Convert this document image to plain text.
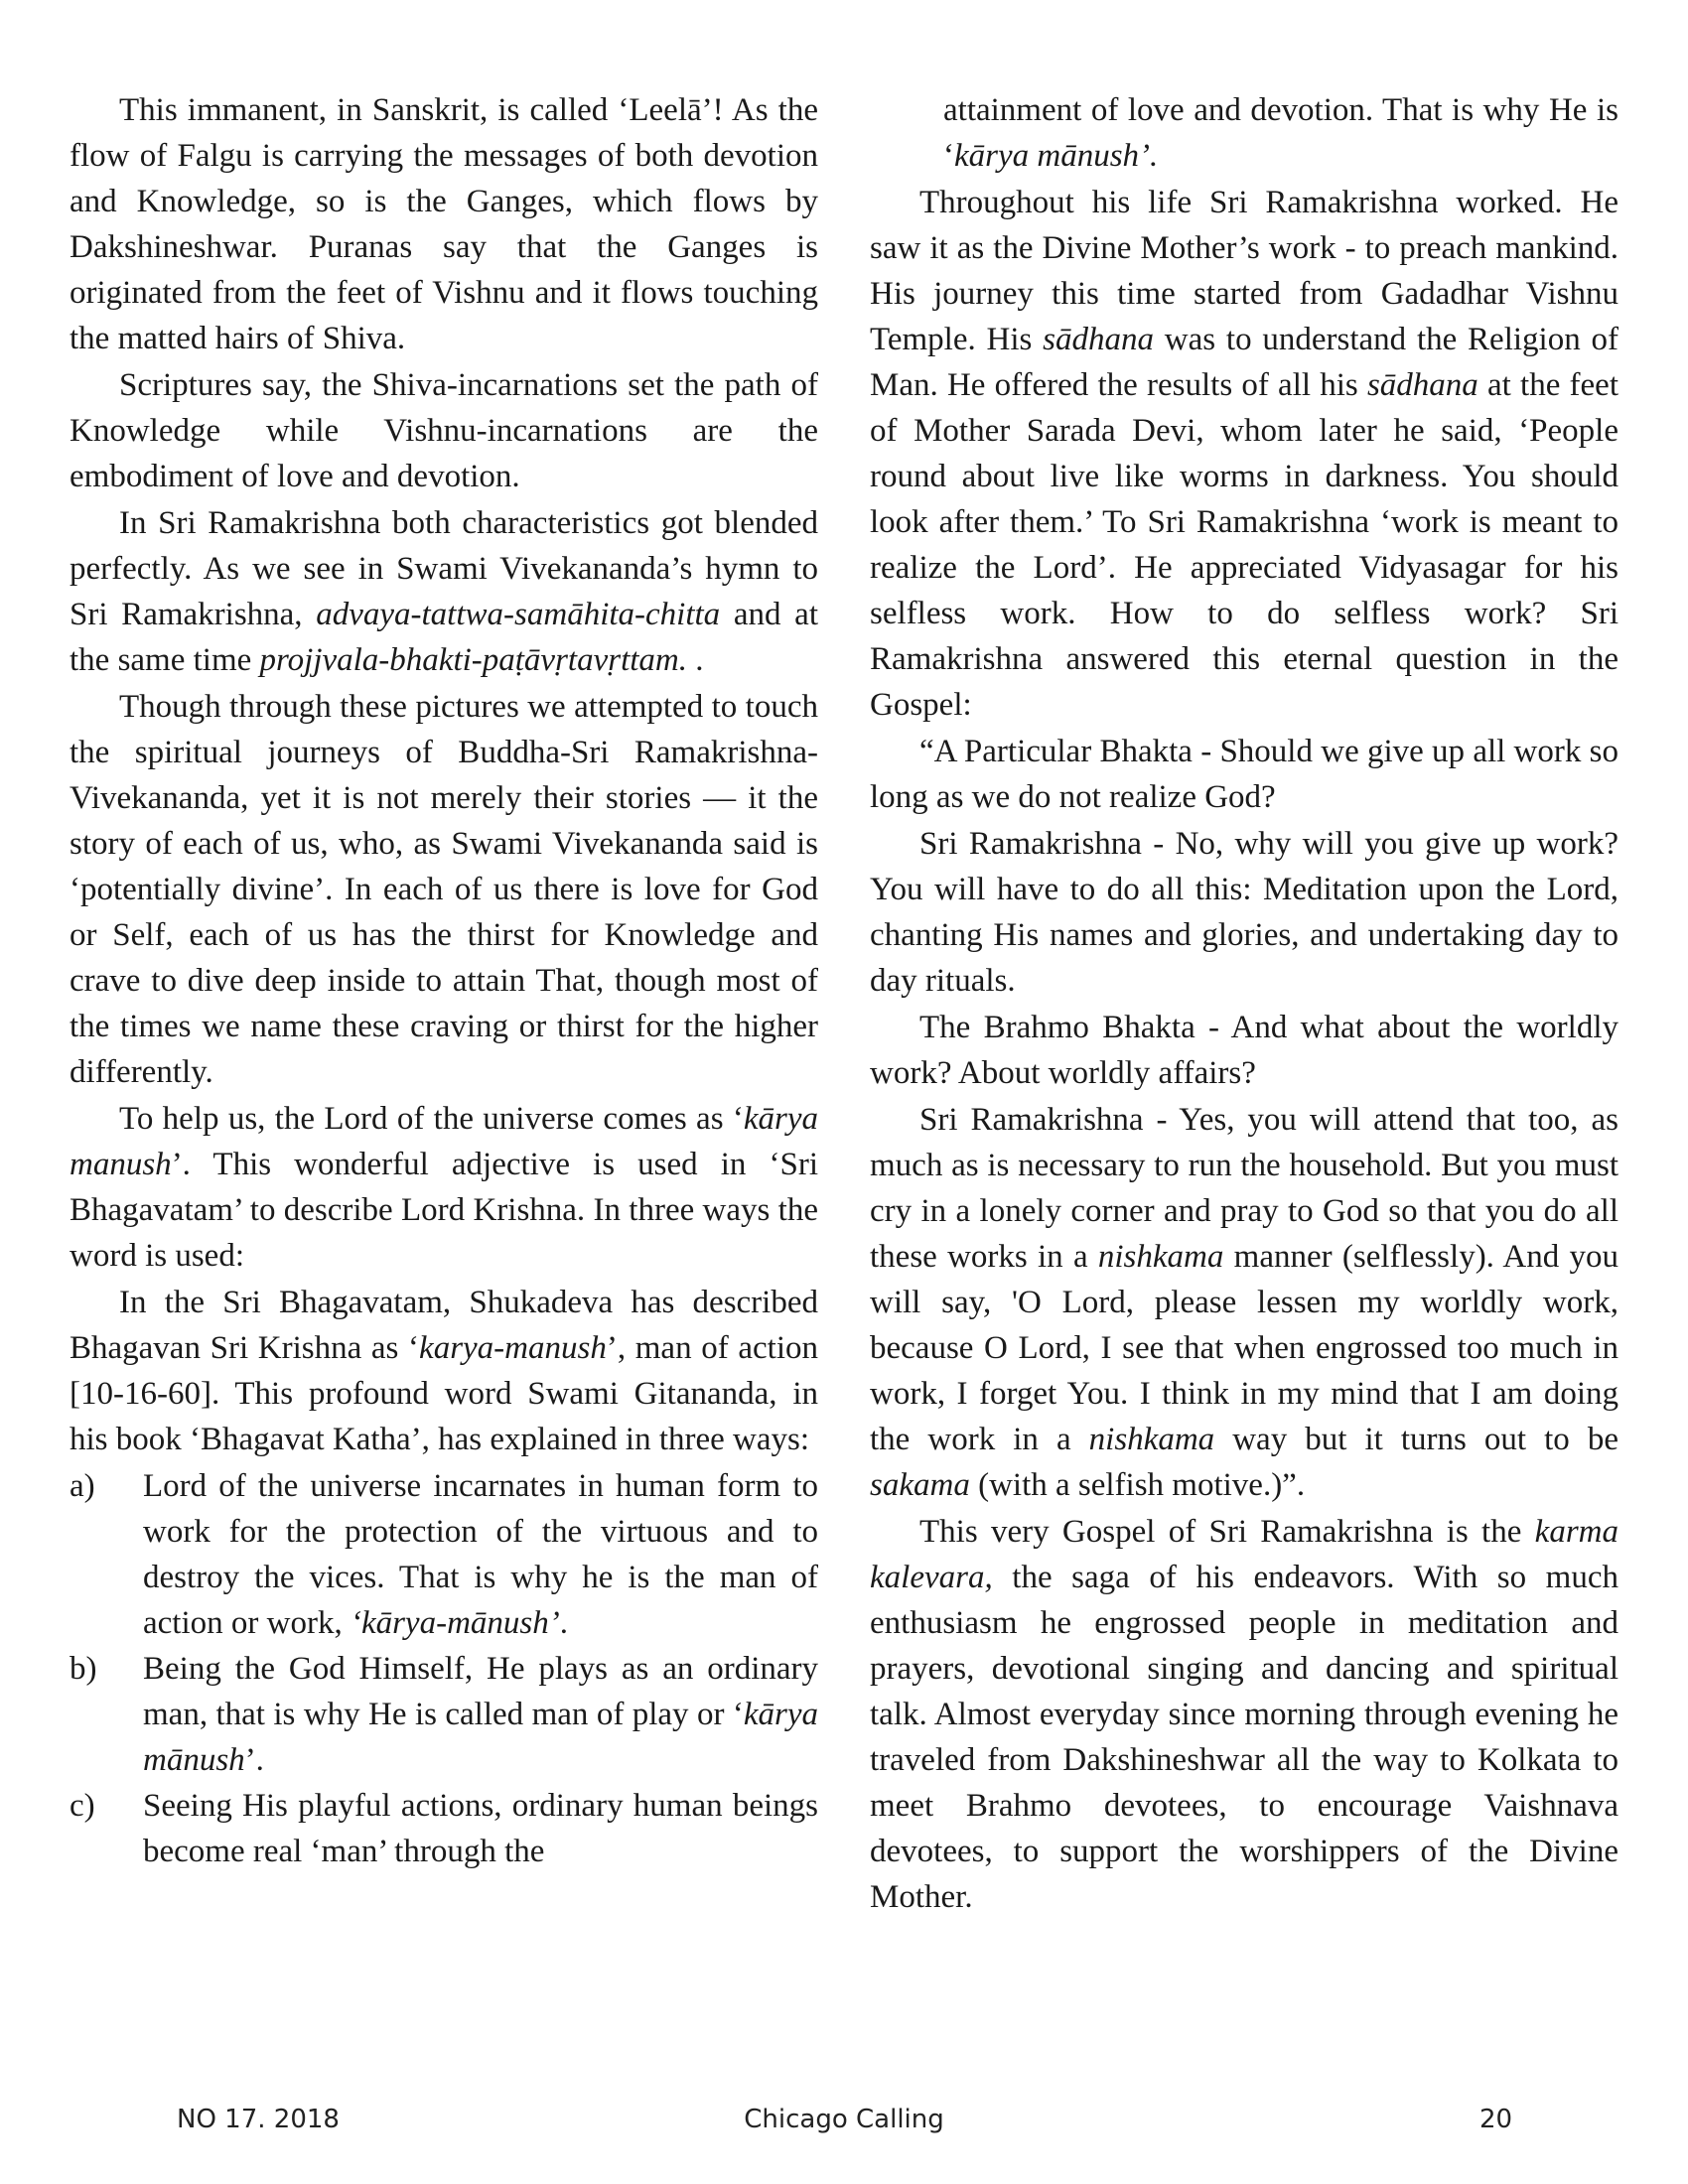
This immanent, in Sanskrit, is called ‘Leelā’! As the flow of Falgu is carrying the messages of both devotion and Knowledge, so is the Ganges, which flows by Dakshineshwar. Puranas say that the Ganges is originated from the feet of Vishnu and it flows touching the matted hairs of Shiva.

Scriptures say, the Shiva-incarnations set the path of Knowledge while Vishnu-incarnations are the embodiment of love and devotion.

In Sri Ramakrishna both characteristics got blended perfectly. As we see in Swami Vivekananda’s hymn to Sri Ramakrishna, advaya-tattwa-samāhita-chitta and at the same time projjvala-bhakti-paṭāvṛtavṛttam. .

Though through these pictures we attempted to touch the spiritual journeys of Buddha-Sri Ramakrishna-Vivekananda, yet it is not merely their stories — it the story of each of us, who, as Swami Vivekananda said is ‘potentially divine’. In each of us there is love for God or Self, each of us has the thirst for Knowledge and crave to dive deep inside to attain That, though most of the times we name these craving or thirst for the higher differently.

To help us, the Lord of the universe comes as ‘kārya manush’. This wonderful adjective is used in ‘Sri Bhagavatam’ to describe Lord Krishna. In three ways the word is used:

In the Sri Bhagavatam, Shukadeva has described Bhagavan Sri Krishna as ‘karya-manush’, man of action [10-16-60]. This profound word Swami Gitananda, in his book ‘Bhagavat Katha’, has explained in three ways:

a) Lord of the universe incarnates in human form to work for the protection of the virtuous and to destroy the vices. That is why he is the man of action or work, ‘kārya-mānush’.
b) Being the God Himself, He plays as an ordinary man, that is why He is called man of play or ‘kārya mānush’.
c) Seeing His playful actions, ordinary human beings become real ‘man’ through the

attainment of love and devotion. That is why He is ‘kārya mānush’.

Throughout his life Sri Ramakrishna worked. He saw it as the Divine Mother’s work - to preach mankind. His journey this time started from Gadadhar Vishnu Temple. His sādhana was to understand the Religion of Man. He offered the results of all his sādhana at the feet of Mother Sarada Devi, whom later he said, ‘People round about live like worms in darkness. You should look after them.’ To Sri Ramakrishna ‘work is meant to realize the Lord’. He appreciated Vidyasagar for his selfless work. How to do selfless work? Sri Ramakrishna answered this eternal question in the Gospel:

“A Particular Bhakta - Should we give up all work so long as we do not realize God?

Sri Ramakrishna - No, why will you give up work? You will have to do all this: Meditation upon the Lord, chanting His names and glories, and undertaking day to day rituals.

The Brahmo Bhakta - And what about the worldly work? About worldly affairs?

Sri Ramakrishna - Yes, you will attend that too, as much as is necessary to run the household. But you must cry in a lonely corner and pray to God so that you do all these works in a nishkama manner (selflessly). And you will say, 'O Lord, please lessen my worldly work, because O Lord, I see that when engrossed too much in work, I forget You. I think in my mind that I am doing the work in a nishkama way but it turns out to be sakama (with a selfish motive.)”.

This very Gospel of Sri Ramakrishna is the karma kalevara, the saga of his endeavors. With so much enthusiasm he engrossed people in meditation and prayers, devotional singing and dancing and spiritual talk. Almost everyday since morning through evening he traveled from Dakshineshwar all the way to Kolkata to meet Brahmo devotees, to encourage Vaishnava devotees, to support the worshippers of the Divine Mother.

NO 17. 2018	Chicago Calling	20
